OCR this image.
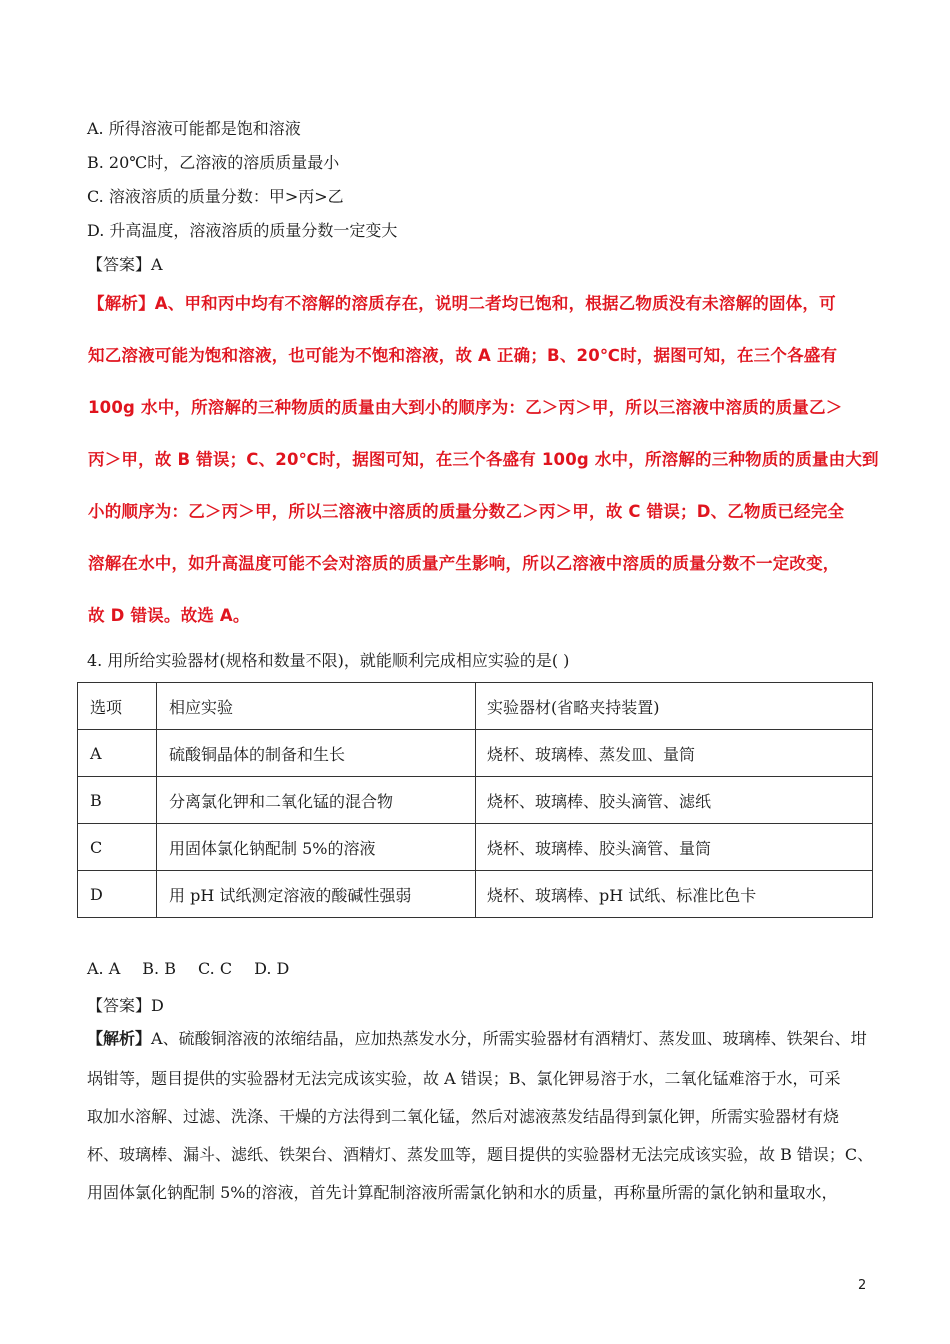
A. 所得溶液可能都是饱和溶液
B. 20℃时，乙溶液的溶质质量最小
C. 溶液溶质的质量分数：甲>丙>乙
D. 升高温度，溶液溶质的质量分数一定变大
【答案】A
【解析】A、甲和丙中均有不溶解的溶质存在，说明二者均已饱和，根据乙物质没有未溶解的固体，可
知乙溶液可能为饱和溶液，也可能为不饱和溶液，故 A 正确；B、20℃时，据图可知，在三个各盛有
100g 水中，所溶解的三种物质的质量由大到小的顺序为：乙＞丙＞甲，所以三溶液中溶质的质量乙＞
丙＞甲，故 B 错误；C、20℃时，据图可知，在三个各盛有 100g 水中，所溶解的三种物质的质量由大到
小的顺序为：乙＞丙＞甲，所以三溶液中溶质的质量分数乙＞丙＞甲，故 C 错误；D、乙物质已经完全
溶解在水中，如升高温度可能不会对溶质的质量产生影响，所以乙溶液中溶质的质量分数不一定改变，
故 D 错误。故选 A。
4. 用所给实验器材(规格和数量不限)，就能顺利完成相应实验的是( )
选项	相应实验	实验器材(省略夹持装置)
A	硫酸铜晶体的制备和生长	烧杯、玻璃棒、蒸发皿、量筒
B	分离氯化钾和二氧化锰的混合物	烧杯、玻璃棒、胶头滴管、滤纸
C	用固体氯化钠配制 5%的溶液	烧杯、玻璃棒、胶头滴管、量筒
D	用 pH 试纸测定溶液的酸碱性强弱	烧杯、玻璃棒、pH 试纸、标准比色卡
A. A B. B C. C D. D
【答案】D
【解析】A、硫酸铜溶液的浓缩结晶，应加热蒸发水分，所需实验器材有酒精灯、蒸发皿、玻璃棒、铁架台、坩
埚钳等，题目提供的实验器材无法完成该实验，故 A 错误；B、氯化钾易溶于水，二氧化锰难溶于水，可采
取加水溶解、过滤、洗涤、干燥的方法得到二氧化锰，然后对滤液蒸发结晶得到氯化钾，所需实验器材有烧
杯、玻璃棒、漏斗、滤纸、铁架台、酒精灯、蒸发皿等，题目提供的实验器材无法完成该实验，故 B 错误；C、
用固体氯化钠配制 5%的溶液，首先计算配制溶液所需氯化钠和水的质量，再称量所需的氯化钠和量取水，
2
